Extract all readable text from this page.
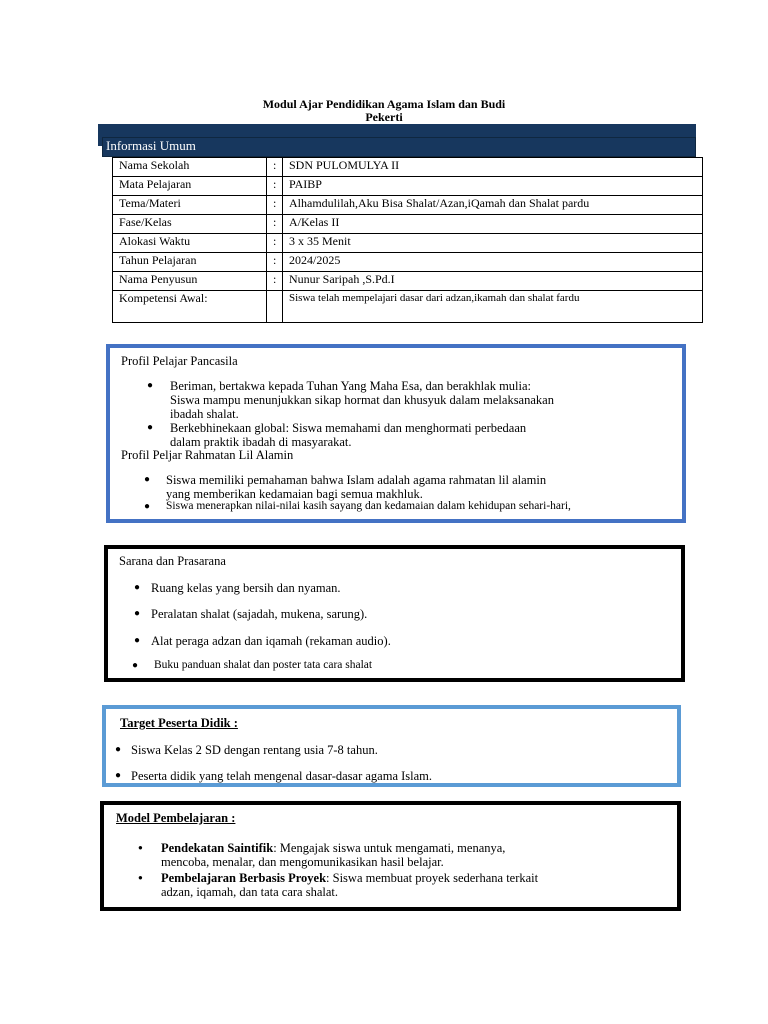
Modul Ajar Pendidikan Agama Islam dan Budi
Pekerti
Informasi Umum
Nama Sekolah	:	SDN PULOMULYA II
Mata Pelajaran	:	PAIBP
Tema/Materi	:	Alhamdulilah,Aku Bisa Shalat/Azan,iQamah dan Shalat pardu
Fase/Kelas	:	A/Kelas II
Alokasi Waktu	:	3 x 35 Menit
Tahun Pelajaran	:	2024/2025
Nama Penyusun	:	Nunur Saripah ,S.Pd.I
Kompetensi Awal:		Siswa telah mempelajari dasar dari adzan,ikamah dan shalat fardu
Profil Pelajar Pancasila
● Beriman, bertakwa kepada Tuhan Yang Maha Esa, dan berakhlak mulia:
Siswa mampu menunjukkan sikap hormat dan khusyuk dalam melaksanakan
ibadah shalat.
● Berkebhinekaan global: Siswa memahami dan menghormati perbedaan
dalam praktik ibadah di masyarakat.
Profil Peljar Rahmatan Lil Alamin
● Siswa memiliki pemahaman bahwa Islam adalah agama rahmatan lil alamin
yang memberikan kedamaian bagi semua makhluk.
● Siswa menerapkan nilai-nilai kasih sayang dan kedamaian dalam kehidupan sehari-hari,
Sarana dan Prasarana
● Ruang kelas yang bersih dan nyaman.
● Peralatan shalat (sajadah, mukena, sarung).
● Alat peraga adzan dan iqamah (rekaman audio).
● Buku panduan shalat dan poster tata cara shalat
Target Peserta Didik :
● Siswa Kelas 2 SD dengan rentang usia 7-8 tahun.
● Peserta didik yang telah mengenal dasar-dasar agama Islam.
Model Pembelajaran :
● Pendekatan Saintifik: Mengajak siswa untuk mengamati, menanya,
mencoba, menalar, dan mengomunikasikan hasil belajar.
● Pembelajaran Berbasis Proyek: Siswa membuat proyek sederhana terkait
adzan, iqamah, dan tata cara shalat.
